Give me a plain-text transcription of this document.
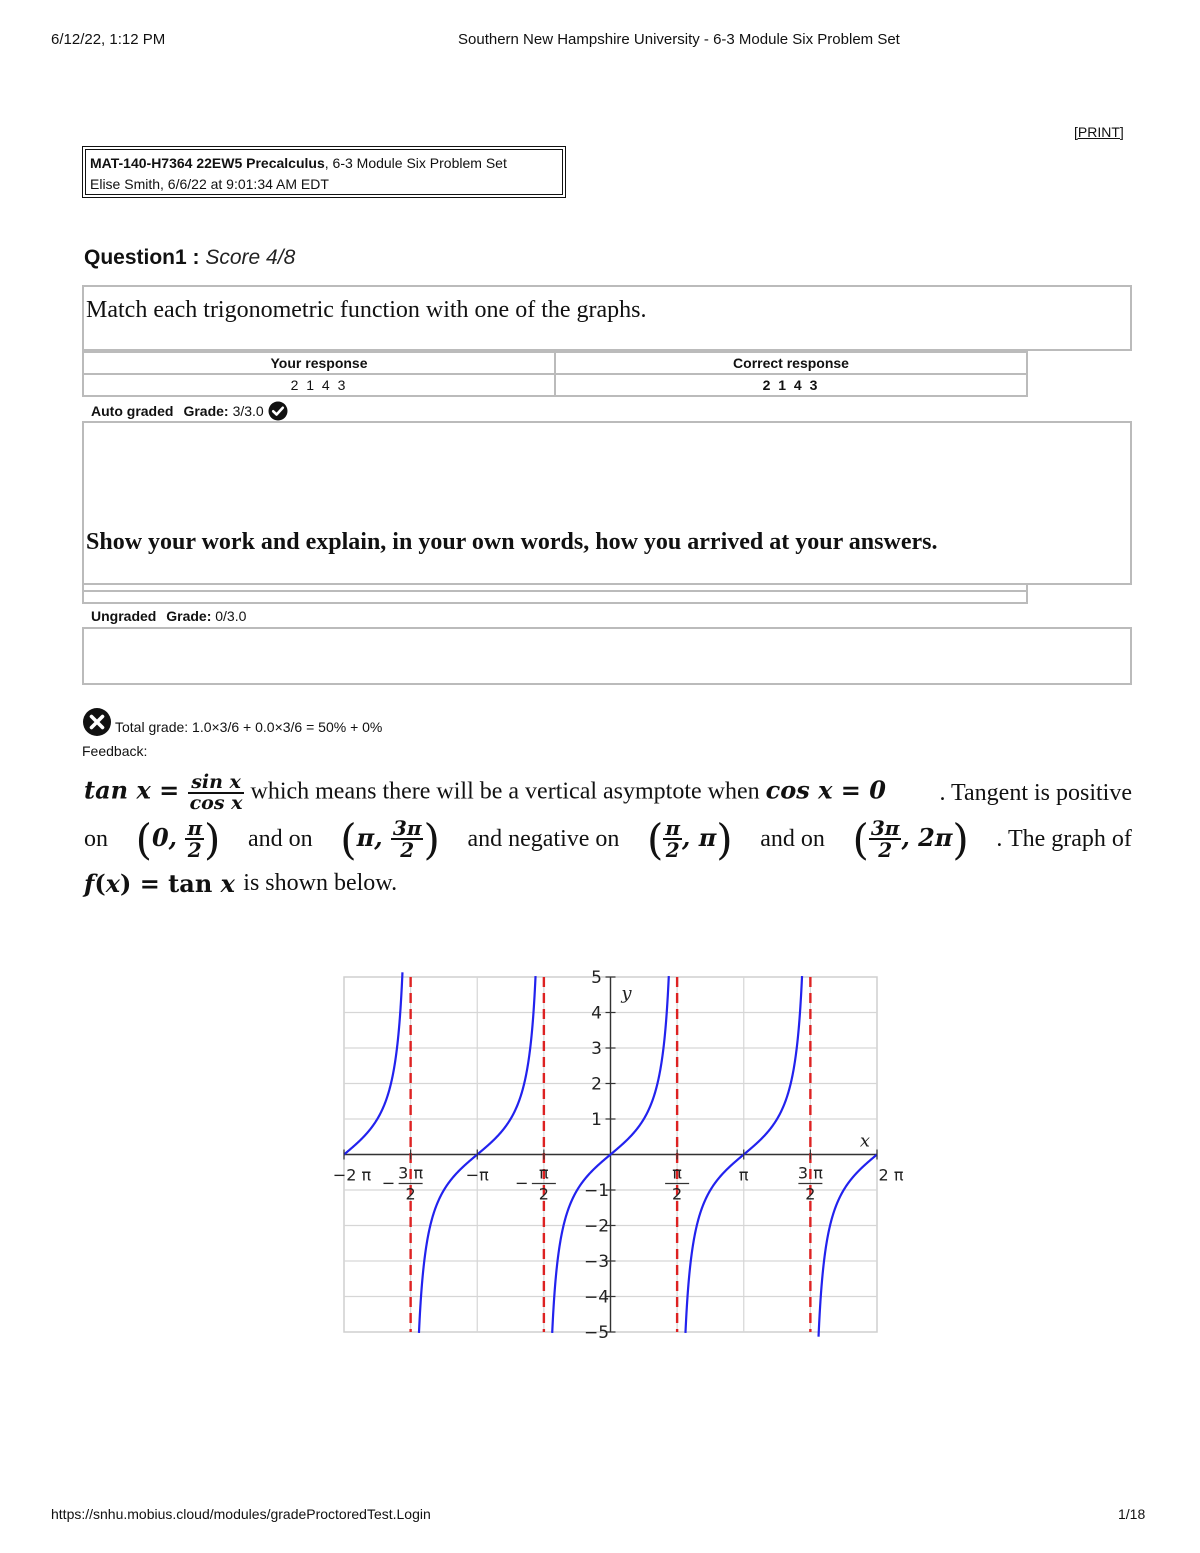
6/12/22, 1:12 PM	Southern New Hampshire University - 6-3 Module Six Problem Set
[PRINT]
MAT-140-H7364 22EW5 Precalculus, 6-3 Module Six Problem Set
Elise Smith, 6/6/22 at 9:01:34 AM EDT
Question1 : Score 4/8
Match each trigonometric function with one of the graphs.
Your response	Correct response
2 1 4 3	2 1 4 3
Auto graded Grade: 3/3.0
Show your work and explain, in your own words, how you arrived at your answers.
Ungraded Grade: 0/3.0
Total grade: 1.0×3/6 + 0.0×3/6 = 50% + 0%
Feedback:
$\tan x = \frac{\text{sin x}}{\text{cos x}}$ which means there will be a vertical asymptote when cos x = 0 . Tangent is positive
on (0, $\frac{\pi}{2}$ ) and on (π, $\frac{3\pi}{2}$ ) and negative on ( $\frac{\pi}{2}$ , π) and on ( $\frac{3\pi}{2}$ , 2π) . The graph of
f ( x ) = tan x is shown below.
5
4
3
2
1
−1
−2
−3
−4
−5
−2 π 3 π
2
−	−π	π
2
−
π
2
π	3 π
2
2 π
x
y
https://snhu.mobius.cloud/modules/gradeProctoredTest.Login	1/18
